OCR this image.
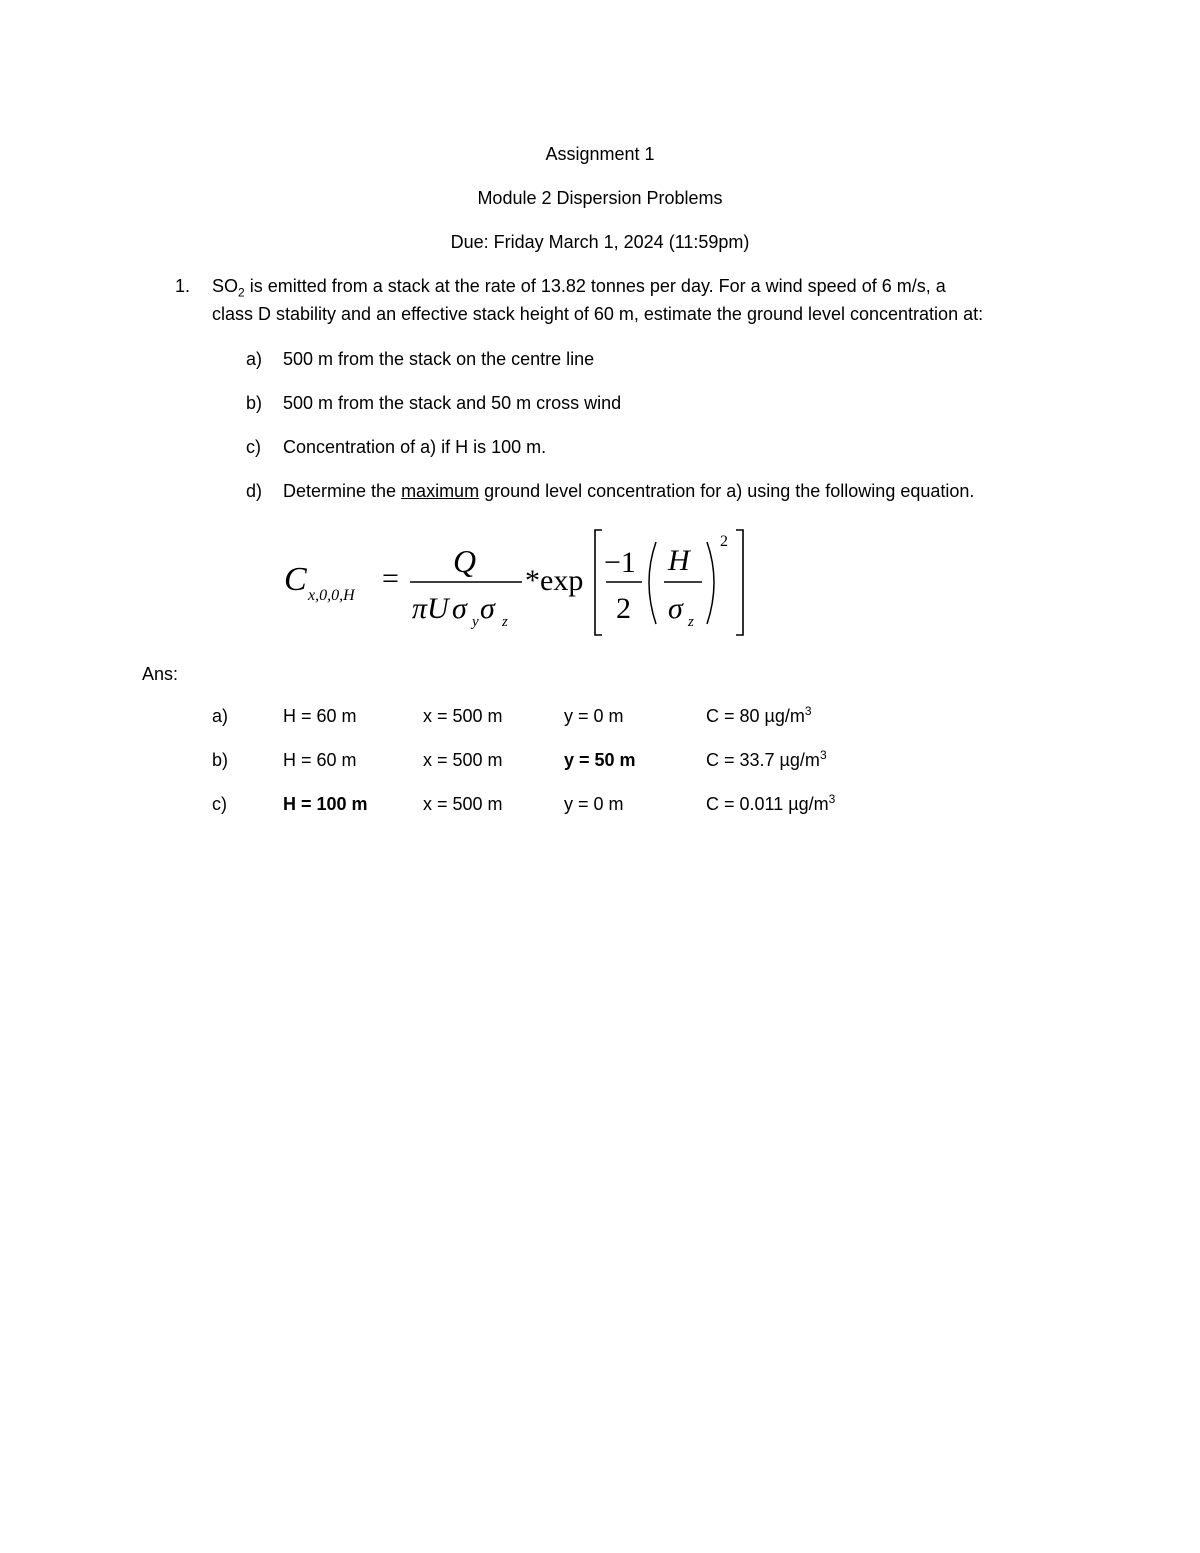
Assignment 1
Module 2 Dispersion Problems
Due: Friday March 1, 2024 (11:59pm)
1. $SO_2$ is emitted from a stack at the rate of 13.82 tonnes per day. For a wind speed of 6 m/s, a
class D stability and an effective stack height of 60 m, estimate the ground level concentration at:
a) 500 m from the stack on the centre line
b) 500 m from the stack and 50 m cross wind
c) Concentration of a) if H is 100 m.
d) Determine the maximum ground level concentration for a) using the following equation.
C x,0,0,H
= Q
πU σ y σ z
*exp
−1
2
H
σ z
2
Ans:
a)	H = 60 m	x = 500 m	y = 0 m	C = 80 $\mu g/m^3$
b)	H = 60 m	x = 500 m	y = 50 m	C = 33.7 $\mu g/m^3$
c)	H = 100 m	x = 500 m	y = 0 m	C = 0.011 $\mu g/m^3$
